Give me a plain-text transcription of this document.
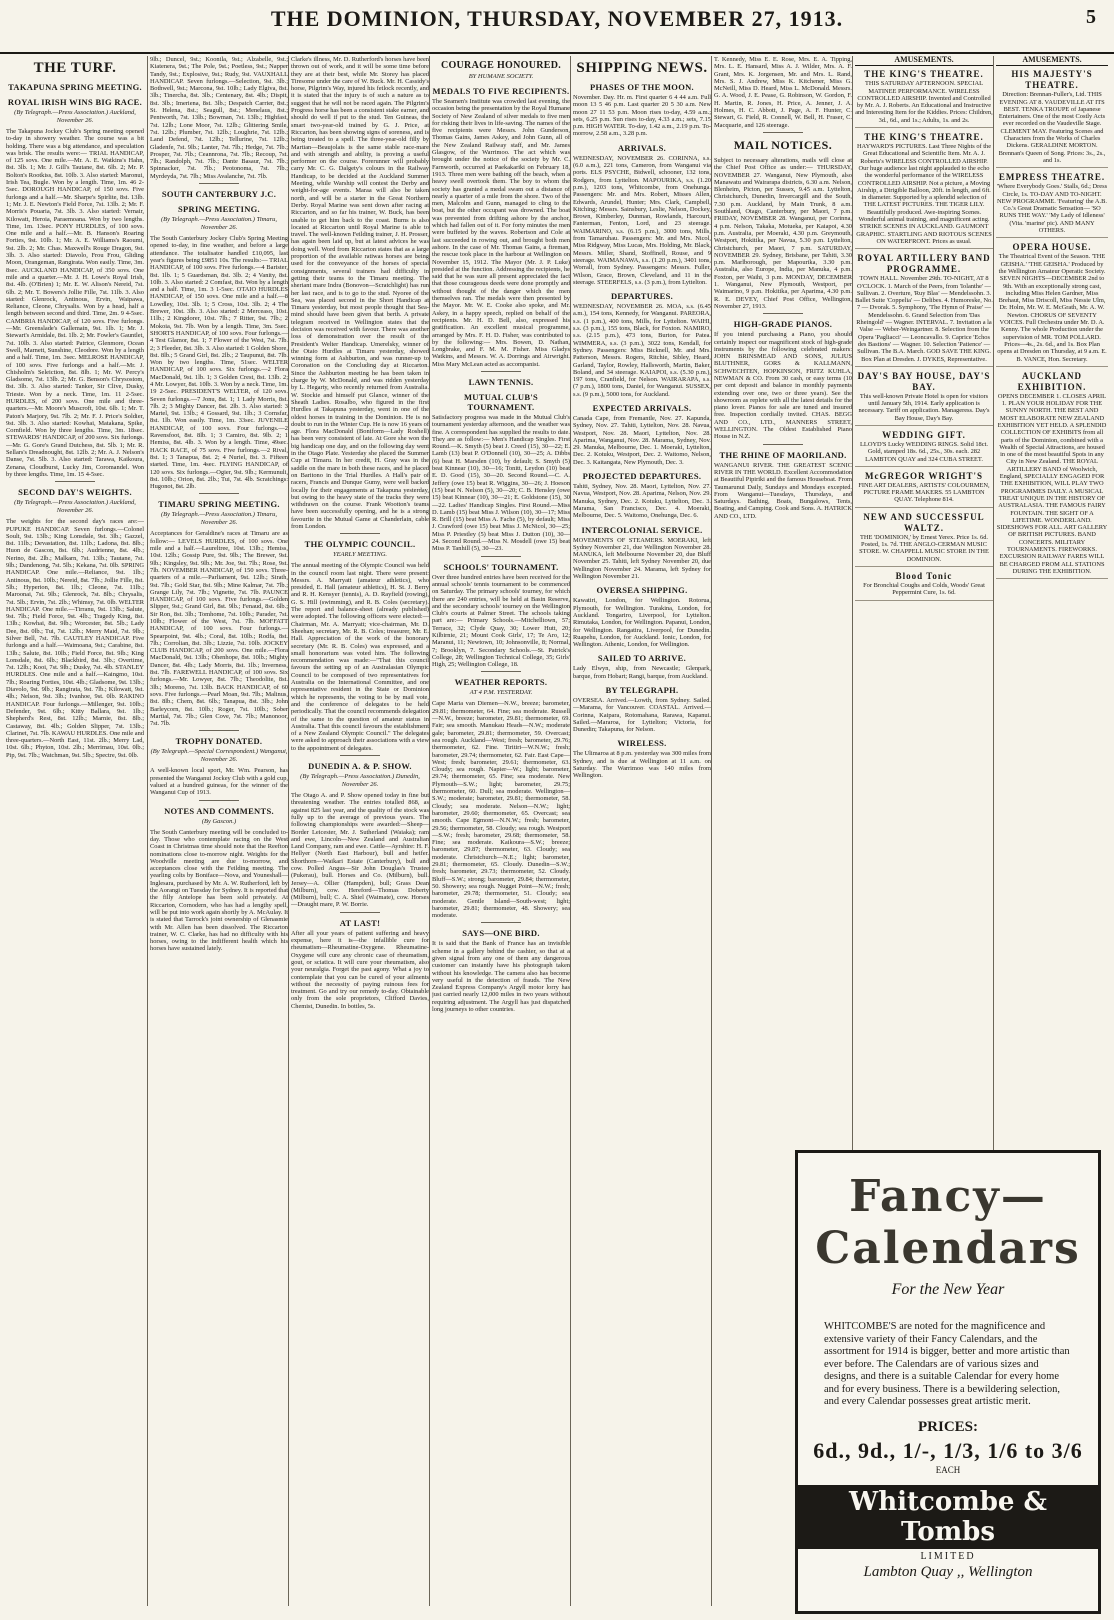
THE DOMINION, THURSDAY, NOVEMBER 27, 1913.	5
THE TURF.
TAKAPUNA SPRING MEETING.
ROYAL IRISH WINS BIG RACE.
(By Telegraph.—Press Association.) Auckland, November 26.

The Takapuna Jockey Club's Spring meeting opened to-day in showery weather. The course was a bit holding. There was a big attendance, and speculation was brisk. The results were:— TRIAL HANDICAP, of 125 sovs. One mile.—Mr. A. E. Watkins's Hahn, 8st. 3lb. 1; Mr. J. Gill's Tautane, 8st. 6lb. 2; Mr. P. Bolton's Rootkiss, 8st. 10lb. 3. Also started: Maronui, Irish Tea, Bugle. Won by a length. Time, 1m. 46 2-5sec. DOROUGH HANDICAP, of 150 sovs. Five furlongs and a half.—Mr. Sharpe's Spirlite, 8st. 13lb. 1; Mr. J. E. Newton's Field Force, 7st. 13lb. 2; Mr. F. Morris's Pouaria, 7st. 3lb. 3. Also started: Vernair, Kilowatt, Heroia, Paraemoana. Won by two lengths. Time, 1m. 13sec. PONY HURDLES, of 100 sovs. One mile and a half.—Mr. B. Hanson's Roaring Forties, 9st. 10lb. 1; Mr. A. E. Williams's Raoumi, 9st. 2lb. 2; Mr. Chas. Maxwell's Rouge Dragon, 9st. 3lb. 3. Also started: Diavolo, Frou Frou, Gliding Moon, Orangeman, Rangirata. Won easily. Time, 3m. 8sec. AUCKLAND HANDICAP, of 350 sovs. One mile and a quarter.—Mr. J. H. Lowe's Royal Irish, 8st. 4lb. (O'Brien) 1; Mr. E. W. Alison's Nereid, 7st. 6lb. 2; Mr. T. Bowers's Jollie Fille, 7st. 11lb. 3. Also started: Glenrock, Antinous, Ervin, Waipawa, Reliance, Cleone, Chrysalis. Won by a head, half a length between second and third. Time, 2m. 9 4-5sec. CAMBRIA HANDICAP, of 120 sovs. Five furlongs.—Mr. Greenslade's Gallemain, 9st. 1lb. 1; Mr. J. Stewart's Armidale, 8st. 1lb. 2; Mr. Fowler's Gauntlet, 7st. 10lb. 3. Also started: Patrice, Glenmore, Ocean Swell, Marnett, Sunshine, Cleodore. Won by a length and a half. Time, 1m. 3sec. MELROSE HANDICAP, of 100 sovs. Five furlongs and a half.—Mr. J. Chisholm's Seleiction, 8st. 8lb. 1; Mr. W. Percy's Gladsome, 7st. 13lb. 2; Mr. G. Benson's Chrysostom, 8st. 3lb. 3. Also started: Tanker, Sir Clive, Dusky, Trieste. Won by a neck. Time, 1m. 11 2-5sec. HURDLES, of 200 sovs. One mile and three-quarters.—Mr. Moore's Muscroft, 10st. 6lb. 1; Mr. T. Paton's Marjory, 9st. 7lb. 2; Mr. F. J. Price's Soldier, 9st. 3lb. 3. Also started: Kowhai, Matakana, Spike, Cornfield. Won by three lengths. Time, 3m. 18sec. STEWARDS' HANDICAP, of 200 sovs. Six furlongs.—Mr. G. Gore's Grand Dutchess, 8st. 5lb. 1; Mr. R. Sellars's Dreadnought, 8st. 12lb. 2; Mr. A. J. Nelson's Danse, 7st. 5lb. 3. Also started: Tarawa, Kaikoura, Zenana, Cloudburst, Lucky Jim, Coromandel. Won by three lengths. Time, 1m. 15 4-5sec.

SECOND DAY'S WEIGHTS.
(By Telegraph.—Press Association.) Auckland, November 26.

The weights for the second day's races are:— PUPUKE HANDICAP. Seven furlongs.—Colonel Soult, 9st. 13lb.; King Lonsdale, 9st. 3lb.; Gazzel, 8st. 11lb.; Devastation, 8st. 11lb.; Ladona, 8st. 8lb.; Huon de Gascon, 8st. 6lb.; Audrienne, 8st. 4lb.; Nerino, 8st. 2lb.; Malkarn, 7st. 13lb.; Tautane, 7st. 9lb.; Dandenong, 7st. 5lb.; Kekana, 7st. 0lb. SPRING HANDICAP. One mile.—Reliance, 9st. 1lb.; Antinous, 8st. 10lb.; Nereid, 8st. 7lb.; Jollie Fille, 8st. 5lb.; Hyperion, 8st. 1lb.; Cleone, 7st. 11lb.; Maroonai, 7st. 9lb.; Glenrock, 7st. 8lb.; Chrysalis, 7st. 5lb.; Ervin, 7st. 2lb.; Whimsy, 7st. 0lb. WELTER HANDICAP. One mile.—Tirranu, 9st. 13lb.; Salute, 9st. 7lb.; Field Force, 9st. 4lb.; Tragedy King, 8st. 13lb.; Kowhai, 8st. 9lb.; Worcester, 8st. 5lb.; Lady Dee, 8st. 0lb.; Tui, 7st. 12lb.; Merry Maid, 7st. 9lb.; Silver Bell, 7st. 7lb. CAUTLEY HANDICAP. Five furlongs and a half.—Waimoana, 9st.; Carabine, 8st. 13lb.; Salute, 8st. 10lb.; Field Force, 8st. 9lb.; King Lonsdale, 8st. 6lb.; Blackbird, 8st. 3lb.; Overtime, 7st. 12lb.; Kooi, 7st. 9lb.; Dusky, 7st. 4lb. STANLEY HURDLES. One mile and a half.—Kaingmo, 10st. 7lb.; Roaring Forties, 10st. 4lb.; Gladsome, 9st. 13lb.; Diavolo, 9st. 9lb.; Rangirata, 9st. 7lb.; Kilowatt, 9st. 4lb.; Nelson, 9st. 3lb.; Ivanhoe, 9st. 0lb. RAKINO HANDICAP. Four furlongs.—Millenger, 9st. 10lb.; Defender, 9st. 6lb.; Kitty Ballara, 9st. 1lb.; Shepherd's Rest, 8st. 12lb.; Marnie, 8st. 8lb.; Castaway, 8st. 4lb.; Golden Slipper, 7st. 13lb.; Clarinet, 7st. 7lb. KAWAU HURDLES. One mile and three-quarters.—North East, 11st. 2lb.; Merry Lad, 10st. 6lb.; Phyton, 10st. 2lb.; Merrimau, 10st. 0lb.; Pip, 9st. 7lb.; Watchman, 9st. 5lb.; Spectre, 9st. 0lb.

9lb.; Duncel, 9st.; Koonila, 9st.; Alzabelle, 9st.; Kiatenera, 9st.; The Pole, 9st.; Poetless, 9st.; Napper Tandy, 9st.; Explosive, 9st.; Rudy, 9st. VAUXHALL HANDICAP. Seven furlongs.—Selection, 9st. 3lb.; Bothwell, 9st.; Marcona, 9st. 10lb.; Lady Elgiva, 8st. 3lb.; Tinercha, 8st. 3lb.; Centenary, 8st. 4lb.; Dispit, 8st. 3lb.; Imeriena, 8st. 3lb.; Despatch Carrier, 8st.; St. Helena, 8st.; Seagull, 8st.; Menelaus, 8st.; Pentworth, 7st. 13lb.; Bowman, 7st. 13lb.; Highfast, 7st. 12lb.; Lone Moor, 7st. 12lb.; Glittering Smile, 7st. 12lb.; Plumber, 7st. 12lb.; Loughrie, 7st. 12lb.; Land Defend, 7st. 12lb.; Tellurine, 7st. 12lb.; Gladenfe, 7st. 9lb.; Lanter, 7st. 7lb.; Hedge, 7st. 7lb.; Prosper, 7st. 7lb.; Ceannrona, 7st. 7lb.; Recoup, 7st. 7lb.; Randolph, 7st. 7lb.; Dante Basaur, 7st. 7lb.; Spinnacker, 7st. 7lb.; Peotonoma, 7st. 7lb.; Myrdeyda, 7st. 7lb.; Miss Avalanche, 7st. 7lb.

SOUTH CANTERBURY J.C.
SPRING MEETING.
(By Telegraph.—Press Association.) Timaru, November 26.

The South Canterbury Jockey Club's Spring Meeting opened to-day, in fine weather, and before a large attendance. The totalisator handled £10,095, last year's figures being £9851 10s. The results:— TRIAL HANDICAP, of 100 sovs. Five furlongs.—4 Barister, 8st. 1lb. 1; 5 Guardsman, 8st. 3lb. 2; 4 Vanity, 8st. 10lb. 3. Also started: 2 Comfast, 8st. Won by a length and a half. Time, 1m. 3 1-5sec. OTAIO HURDLES HANDICAP, of 150 sovs. One mile and a half.—8 Lowdley, 10st. 3lb. 1; 5 Cross, 10st. 3lb. 2; 4 The Brewer, 10st. 3lb. 3. Also started: 2 Merceaso, 10st. 11lb.; 2 Kingdorer, 10st. 7lb.; 7 Ritter, 9st. 7lb.; 2 Mokoia, 9st. 7lb. Won by a length. Time, 3m. 5sec. SHORTS HANDICAP, of 100 sovs. Four furlongs.—4 Test Glamor, 8st. 1; 7 Flower of the West, 7st. 7lb. 2; 3 Fleeder, 8st. 3lb. 3. Also started: 1 Golden Shore, 8st. 8lb.; 5 Grand Girl, 8st. 2lb.; 2 Taupunui, 8st. 7lb. Won by two lengths. Time, 51sec. WELTER HANDICAP, of 100 sovs. Six furlongs.—2 Flora MacDonald, 9st. 1lb. 1; 3 Golden Crest, 8st. 13lb. 2; 4 Mr. Lowyer, 8st. 10lb. 3. Won by a neck. Time, 1m. 19 2-5sec. PRESIDENT'S WELTER, of 120 sovs. Seven furlongs.—7 Jonu, 8st. 1; 1 Lady Morris, 8st. 7lb. 2; 3 Mighty Dancer, 8st. 2lb. 3. Also started: 3 Martel, 9st. 13lb.; 4 Gossard, 9st. 1lb.; 3 Cornsfar, 8st. 1lb. Won easily. Time, 1m. 33sec. JUVENILE HANDICAP, of 100 sovs. Four furlongs.—2 Ravensfoot, 8st. 8lb. 1; 3 Camiro, 8st. 9lb. 2; 1 Hemiss, 8st. 4lb. 3. Won by a length. Time, 49sec. HACK RACE, of 75 sovs. Five furlongs.—2 Rival, 8st. 1; 3 Tanapua, 8st. 2; 4 Nuriel, 8st. 3. Fifteen started. Time, 1m. 4sec. FLYING HANDICAP, of 120 sovs. Six furlongs.—Ogier, 9st. 9lb.; Kermunuli, 8st. 10lb.; Orion, 8st. 2lb.; Tui, 7st. 4lb. Scratchings: Hugonot, 8st. 2lb.

TIMARU SPRING MEETING.
(By Telegraph.—Press Association.) Timaru, November 26.

Acceptances for Geraldine's races at Timaru are as follow:— LEVELS HURDLES, of 100 sovs. One mile and a half.—Laureltree, 10st. 13lb.; Hemiss, 10st. 12lb.; Gossip Pure, 9st. 9lb.; The Brewer, 9st. 9lb.; Kingsley, 9st. 9lb.; Mr. Joe, 9st. 7lb.; Rose, 9st. 7lb. NOVEMBER HANDICAP, of 150 sovs. Three-quarters of a mile.—Parliament, 9st. 12lb.; Sirath, 9st. 7lb.; Gold Star, 8st. 9lb.; Mine Kalmar, 7st. 7lb.; Grange Lily, 7st. 7lb.; Vignette, 7st. 7lb. PAUNCE HANDICAP, of 100 sovs. Five furlongs.—Golden Slipper, 9st.; Grand Girl, 8st. 9lb.; Fenaud, 8st. 6lb.; Sir Ron, 8st. 3lb.; Tomhome, 7st. 10lb.; Parader, 7st. 10lb.; Flower of the West, 7st. 7lb. MOFFATT HANDICAP, of 100 sovs. Four furlongs.—Spearpoint, 9st. 4lb.; Coral, 8st. 10lb.; Rodfa, 8st. 7lb.; Corrolian, 8st. 3lb.; Lizzie, 7st. 10lb. JOCKEY CLUB HANDICAP, of 200 sovs. One mile.—Flora MacDonald, 9st. 13lb.; Ohenhope, 8st. 10lb.; Mighty Dancer, 8st. 4lb.; Lady Morris, 8st. 1lb.; Inverness, 8st. 7lb. FAREWELL HANDICAP, of 100 sovs. Six furlongs.—Mr. Lowyer, 8st. 7lb.; Theodolite, 8st. 3lb.; Moreno, 7st. 13lb. BACK HANDICAP, of 60 sovs. Five furlongs.—Pearl Moan, 9st. 7lb.; Malinus, 8st. 8lb.; Chem, 8st. 6lb.; Tanapua, 8st. 3lb.; John Barleycorn, 8st. 10lb.; Roger, 7st. 10lb.; Sober Martial, 7st. 7lb.; Glen Cove, 7st. 7lb.; Manonoor, 7st. 7lb.

TROPHY DONATED.
(By Telegraph.—Special Correspondent.) Wanganui, November 26.

A well-known local sport, Mr. Wm. Pearson, has presented the Wanganui Jockey Club with a gold cup, valued at a hundred guineas, for the winner of the Wanganui Cup of 1913.

NOTES AND COMMENTS.
(By Gascon.)

The South Canterbury meeting will be concluded to-day. Those who contemplate racing on the West Coast in Christmas time should note that the Reefton nominations close to-morrow night. Weights for the Woodville meeting are due to-morrow, and acceptances close with the Feilding meeting. The yearling colts by Boniface—Nova, and Youneshall—Inglesara, purchased by Mr. A. W. Rutherford, left by the Aorangi on Tuesday for Sydney. It is reported that the filly Antelope has been sold privately. At Riccarton, Cornodern, who has had a lengthy spell, will be put into work again shortly by A. McAulay. It is stated that Tarrock's joint ownership of Glenasmie with Mr. Allen has been dissolved. The Riccarton trainer, W. C. Clarke, has had no difficulty with his horses, owing to the indifferent health which his horses have sustained lately.

Clarke's illness, Mr. D. Rutherford's horses have been thrown out of work, and it will be some time before they are at their best, while Mr. Storey has placed Tiresome under the care of W. Buck. Mr. H. Cassidy's horse, Pilgrim's Way, injured his fetlock recently, and it is stated that the injury is of such a nature as to suggest that he will not be raced again. The Pilgrim's Progress horse has been a consistent stake earner, and should do well if put to the stud. Ten Guineas, the smart two-year-old trained by G. J. Price, at Riccarton, has been showing signs of soreness, and is being treated to a spell. The three-year-old filly by Martian—Beaujolais is the same stable race-mare and with strength and ability, is proving a useful performer on the course. Forerunner will probably carry Mr. C. G. Dalgety's colours in the Railway Handicap, to be decided at the Auckland Summer Meeting, while Warship will contest the Derby and weight-for-age events. Maraa will also be taken north, and will be a starter in the Great Northern Derby. Royal Marine was sent down after racing at Riccarton, and so far his trainer, W. Buck, has been unable to get him back to the coast. Burns is also located at Riccarton until Royal Marine is able to travel. The well-known Feilding trainer, J. H. Prosser, has again been laid up, but at latest advices he was doing well. Word from Riccarton states that as a large proportion of the available ratiwas horses are being used for the conveyance of the horses of special consignments, several trainers had difficulty in getting their teams to the Timaru meeting. The sheriant mare Indra (Bonovon—Scratchlight) has run her last race, and is to go to the stud. Nyoree of the Sea, was placed second in the Short Handicap at Timaru yesterday, but most people thought that Sea-mind should have been given that berth. A private telegram received in Wellington states that the decision was received with favour. There was another loss of demonstration over the result of the President's Welter Handicap. Umerelsky, winner of the Otaio Hurdles at Timaru yesterday, showed winning form at Ashburton, and was runner-up to Coronation on the Concluding day at Riccarton. Since the Ashburton meeting he has been taken in charge by W. McDonald, and was ridden yesterday by L. Hegarty, who recently returned from Australia. W. Stockie and himself put Glance, winner of the Sheath Ladies. Rosalbo, who figured in the first Hurdles at Takapuna yesterday, went in one of the oldest horses in training in the Dominion. He is no doubt to run in the Winter Cup. He is now 16 years of age. Flora MacDonald (Boniform—Lady Roshell) has been very consistent of late. At Gore she won the big handicap one day, and on the following day went in the Otago Plate. Yesterday she placed the Summer Cup at Timaru. In her credit, H. Gray was in the saddle on the mare in both these races, and he placed on Baritono in the Trial Hurdles. A Hall's pair of racers, Francis and Dunque Gumy, were well backed locally for their engagements at Takapuna yesterday, but owing to the heavy state of the tracks they were withdrawn on the course. Frank Wootton's teams have been successfully opening, and he is a strong favourite in the Mutual Game at Chanderlain, cable from London.

THE OLYMPIC COUNCIL.
YEARLY MEETING.

The annual meeting of the Olympic Council was held in the council room last night. There were present: Messrs. A. Marryatt (amateur athletics), who presided, E. Hall (amateur athletics), H. St. J. Berry and R. H. Kensyer (tennis), A. D. Rayfield (rowing), G. S. Hill (swimming), and R. B. Coles (secretary). The report and balance-sheet (already published) were adopted. The following officers were elected:— Chairman, Mr. A. Marryatt; vice-chairman, Mr. D. Sheehan; secretary, Mr. R. B. Coles; treasurer, Mr. E. Hall. Appreciation of the work of the honorary secretary (Mr. R. B. Coles) was expressed, and a small honorarium was voted him. The following recommendation was made:—"That this council favours the setting up of an Australasian Olympic Council to be composed of two representatives for Australia on the International Committee, and one representative resident in the State or Dominion which he represents, the voting to be by mail vote, and the conference of delegates to be held periodically. That the council recommends delegation of the same to the question of amateur status in Australia. That this council favours the establishment of a New Zealand Olympic Council." The delegates were asked to approach their associations with a view to the appointment of delegates.

DUNEDIN A. & P. SHOW.
(By Telegraph.—Press Association.) Dunedin, November 26.

The Otago A. and P. Show opened today in fine but threatening weather. The entries totalled 868, as against 825 last year, and the quality of the stock was fully up to the average of previous years. The following championships were awarded:—Sheep—Border Leicester, Mr. J. Sutherland (Waiaka); ram and ewe, Lincoln—New Zealand and Australian Land Company, ram and ewe. Cattle—Ayrshire: H. F. Hellyer (North East Harbour), bull and heifer. Shorthorn—Waikari Estate (Canterbury), bull and cow. Polled Angus—Sir John Douglas's Trustee (Pukerau), bull. Horses and Co. (Milburn), bull. Jersey—A. Ollier (Hampden), bull; Grass Dean (Milburn), cow. Hereford—Thomas Doberty (Milburn), bull; C. A. Shiel (Waimate), cow. Horses—Draught mare, P. W. Borrie.

AT LAST!

After all your years of patient suffering and heavy expense, here it is—the infallible cure for rheumatism—Rheumatine-Oxygene. Rheumatine-Oxygene will cure any chronic case of rheumatism, gout, or sciatica. It will cure your rheumatism, also your neuralgia. Forget the past agony. What a joy to contemplate that you can be cured of your ailments without the necessity of paying ruinous fees for treatment. Go and try our remedy to-day. Obtainable only from the sole proprietors, Clifford Davies, Chemist, Dunedin. In bottles, 5s.

COURAGE HONOURED.
BY HUMANE SOCIETY.
MEDALS TO FIVE RECIPIENTS.

The Seamen's Institute was crowded last evening, the occasion being the presentation by the Royal Humane Society of New Zealand of silver medals to five men for risking their lives in life-saving. The names of the five recipients were Messrs. John Gunderson, Thomas Gains, James Askey, and John Gunn, all of the New Zealand Railway staff, and Mr. James Glasgow, of the Warrimoo. The act which was brought under the notice of the society by Mr. C. Farnworth, occurred at Paekakariki on February 18, 1913. Three men were bathing off the beach, when a heavy swell overtook them. The boy to whom the society has granted a medal swam out a distance of nearly a quarter of a mile from the shore. Two of the men, Malcolm and Gunn, managed to cling to the boat, but the other occupant was drowned. The boat was prevented from drifting ashore by the anchor, which had fallen out of it. For forty minutes the men were buffeted by the waves. Robertson and Cole at last succeeded in rowing out, and brought both men ashore. In the case of Mr. Thomas Gains, a fireman, the rescue took place in the harbour at Wellington on November 15, 1912. The Mayor (Mr. J. P. Luke) presided at the function. Addressing the recipients, he said that he was sure all present appreciated the fact that those courageous deeds were done promptly and without thought of the danger which the men themselves ran. The medals were then presented by the Mayor. Mr. W. E. Cooke also spoke, and Mr. Askey, in a happy speech, replied on behalf of the recipients. Mr. H. D. Bell, also, expressed his gratification. An excellent musical programme, arranged by Mrs. F. H. D. Fisher, was contributed to by the following:— Mrs. Bowen, D. Nathan, Longbrake, and F. M. M. Fisher. Miss Gladys Watkins, and Messrs. W. A. Dorrings and Airwright. Miss Mary McLean acted as accompanist.

LAWN TENNIS.
MUTUAL CLUB'S TOURNAMENT.

Satisfactory progress was made in the Mutual Club's tournament yesterday afternoon, and the weather was fine. A correspondent has supplied the results to date. They are as follow:— Men's Handicap Singles. First Round.—K. Smyth (5) beat J. Creed (15), 30—22; E. Lamb (13) beat P. O'Donnell (10), 30—25; A. Dibbs (6) beat H. Marsden (10), by default; S. Smyth (5) beat Kinnear (10), 30—16; Tonitt, Leydon (10) beat E. D. Good (15), 30—20. Second Round.—C. A. Jeffery (owe 15) beat R. Wiggins, 30—26; J. Hoeson (15) beat N. Nelson (5), 30—20; C. B. Hensley (owe 15) beat Kinnear (10), 30—21; E. Goldstone (15), 30—22. Ladies' Handicap Singles. First Round.—Miss D. Lamb (15) beat Miss J. Wilson (10), 30—17; Miss R. Brill (15) beat Miss A. Fache (5), by default; Miss J. Crawford (owe 15) beat Miss J. McNicol, 30—25; Miss P. Priestley (5) beat Miss J. Dutton (10), 30—24. Second Round.—Miss N. Mosdell (owe 15) beat Miss P. Tanhill (5), 30—23.

SCHOOLS' TOURNAMENT.

Over three hundred entries have been received for the annual schools' tennis tournament to be commenced on Saturday. The primary schools' tourney, for which there are 240 entries, will be held at Basin Reserve, and the secondary schools' tourney on the Wellington Club's courts at Palmer Street. The schools taking part are:— Primary Schools.—Mitchelltown, 57; Terrace, 32; Clyde Quay, 30; Lower Hutt, 20; Kilbirnie, 21; Mount Cook Girls', 17; Te Aro, 12; Maranui, 11; Newtown, 10; Johnsonville, 8; Normal, 7; Brooklyn, 7. Secondary Schools.—St. Patrick's College, 28; Wellington Technical College, 35; Girls' High, 25; Wellington College, 18.

WEATHER REPORTS.
AT 4 P.M. YESTERDAY.

Cape Maria van Diemen—N.W., breeze; barometer, 29.81; thermometer, 64. Fine; sea moderate. Russell—N.W., breeze; barometer, 29.81; thermometer, 69. Fair; sea smooth. Manukau Heads—N.W.; moderate gale; barometer, 29.81; thermometer, 59. Overcast; sea rough. Auckland—West; fresh; barometer, 29.76; thermometer, 62. Fine. Tiritiri—W.N.W.; fresh; barometer, 29.74; thermometer, 62. Fair. East Cape—West; fresh; barometer, 29.61; thermometer, 63. Cloudy; sea rough. Napier—W.; light; barometer, 29.74; thermometer, 65. Fine; sea moderate. New Plymouth—S.W.; light; barometer, 29.75; thermometer, 60. Dull; sea moderate. Wellington—S.W.; moderate; barometer, 29.81; thermometer, 58. Cloudy; sea moderate. Nelson—N.W.; light; barometer, 29.60; thermometer, 65. Overcast; sea smooth. Cape Egmont—N.N.W.; fresh; barometer, 29.56; thermometer, 58. Cloudy; sea rough. Westport—S.W.; fresh; barometer, 29.68; thermometer, 58. Fine; sea moderate. Kaikoura—S.W.; breeze; barometer, 29.87; thermometer, 63. Cloudy; sea moderate. Christchurch—N.E.; light; barometer, 29.81; thermometer, 65. Cloudy. Dunedin—S.W.; fresh; barometer, 29.73; thermometer, 52. Cloudy. Bluff—S.W.; strong; barometer, 29.84; thermometer, 50. Showery; sea rough. Nugget Point—N.W.; fresh; barometer, 29.78; thermometer, 51. Cloudy; sea moderate. Gentle Island—South-west; light; barometer, 29.81; thermometer, 48. Showery; sea moderate.

SAYS—ONE BIRD.

It is said that the Bank of France has an invisible scheme in a gallery behind the cashier, so that at a given signal from any one of them any dangerous customer can instantly have his photograph taken without his knowledge. The camera also has become very useful in the detection of frauds. The New Zealand Express Company's Argyll motor lorry has just carried nearly 12,000 miles in two years without requiring adjustment. The Argyll has just dispatched long journeys to other countries.

SHIPPING NEWS.
PHASES OF THE MOON.

November. Day. Hr. m. First quarter 6 4 44 a.m. Full moon 13 5 46 p.m. Last quarter 20 5 30 a.m. New moon 27 11 53 p.m. Moon rises to-day, 4.59 a.m.; sets, 6.25 p.m. Sun rises to-day, 4.33 a.m.; sets, 7.15 p.m. HIGH WATER. To-day, 1.42 a.m., 2.19 p.m. To-morrow, 2.58 a.m., 3.28 p.m.

ARRIVALS.

WEDNESDAY, NOVEMBER 26. CORINNA, s.s. (6.0 a.m.), 221 tons, Cameron, from Wanganui via ports. ELS PSYCHE, Bidwell, schooner, 132 tons, Rodgers, from Lyttelton. MAPOURIKA, s.s. (1.20 p.m.), 1203 tons, Whitcombe, from Onehunga. Passengers: Mr. and Mrs. Robert, Misses Allen, Edwards, Arundel, Hunter; Mrs. Clark, Campbell, Kitching; Messrs. Sainsbury, Leslie, Nelson, Dockey, Brown, Kimberley, Dunman, Rowlands, Harcourt, Fanterman, Fenton, Lord, and 23 steerage. WAIMARINO, s.s. (6.15 p.m.), 3000 tons, Mills, from Tamaruhau. Passengers: Mr. and Mrs. Nicol, Miss Ridgway, Miss Lucas, Mrs. Holding, Mr. Black, Messrs. Miller, Shand, Stoffinell, Rouse, and 9 steerage. WAIMANAWA, s.s. (1.20 p.m.), 3401 tons, Worrall, from Sydney. Passengers: Messrs. Fuller, Wilson, Grace, Brown, Cleveland, and 11 in the steerage. STEERFELS, s.s. (3 p.m.), from Lyttelton.

DEPARTURES.

WEDNESDAY, NOVEMBER 26. MOA, s.s. (6.45 a.m.), 154 tons, Kennedy, for Wanganui. PAREORA, s.s. (1 p.m.), 400 tons, Mills, for Lyttelton. WAIHI, s.s. (3 p.m.), 155 tons, Black, for Foxton. NAMIRO, s.s. (2.15 p.m.), 473 tons, Burton, for Patea. WIMMERA, s.s. (3 p.m.), 3022 tons, Kendall, for Sydney. Passengers: Miss Bicknell, Mr. and Mrs. Patterson, Messrs. Rogers, Ritchie, Sibley, Heard, Garland, Taylor, Rowley, Hallsworth, Martin, Baker, Boland, and 34 steerage. KAIAPOI, s.s. (5.30 p.m.), 197 tons, Cranfield, for Nelson. WAIRARAPA, s.s. (7 p.m.), 1800 tons, Daniel, for Wanganui. SUSSEX, s.s. (9 p.m.), 5000 tons, for Auckland.

EXPECTED ARRIVALS.

Canada Cape, from Fremantle, Nov. 27. Kapunda, Sydney, Nov. 27. Tahiti, Lyttelton, Nov. 28. Navua, Westport, Nov. 28. Maori, Lyttelton, Nov. 28. Aparima, Wanganui, Nov. 28. Marama, Sydney, Nov. 29. Manuka, Melbourne, Dec. 1. Moeraki, Lyttelton, Dec. 2. Kotuku, Westport, Dec. 2. Waitomo, Nelson, Dec. 3. Kaitangata, New Plymouth, Dec. 3.

PROJECTED DEPARTURES.

Tahiti, Sydney, Nov. 28. Maori, Lyttelton, Nov. 27. Navua, Westport, Nov. 28. Aparima, Nelson, Nov. 29. Manuka, Sydney, Dec. 2. Kotuku, Lyttelton, Dec. 3. Marama, San Francisco, Dec. 4. Moeraki, Melbourne, Dec. 5. Waitomo, Onehunga, Dec. 6.

INTERCOLONIAL SERVICE.

MOVEMENTS OF STEAMERS. MOERAKI, left Sydney November 21, due Wellington November 28. MANUKA, left Melbourne November 20, due Bluff November 25. Tahiti, left Sydney November 20, due Wellington November 24. Marama, left Sydney for Wellington November 21.

OVERSEA SHIPPING.

Kawatiri, London, for Wellington. Rotorua, Plymouth, for Wellington. Turakina, London, for Auckland. Tongariro, Liverpool, for Lyttelton. Rimutaka, London, for Wellington. Papanui, London, for Wellington. Rangatira, Liverpool, for Dunedin. Ruapehu, London, for Auckland. Ionic, London, for Wellington. Athenic, London, for Wellington.

SAILED TO ARRIVE.

Lady Elwyn, ship, from Newcastle; Glenpark, barque, from Hobart; Rangi, barque, from Auckland.

BY TELEGRAPH.

OVERSEA. Arrived.—Lowth, from Sydney. Sailed.—Marama, for Vancouver. COASTAL. Arrived.—Corinna, Kaipara, Rotomahana, Rarawa, Kapanui. Sailed.—Mararoa, for Lyttelton; Victoria, for Dunedin; Takapuna, for Nelson.

WIRELESS.

The Ulimaroa at 8 p.m. yesterday was 300 miles from Sydney, and is due at Wellington at 11 a.m. on Saturday. The Warrimoo was 140 miles from Wellington.

T. Kennedy, Miss E. E. Rose, Mrs. E. A. Tipping, Mrs. L. E. Hansard, Miss A. J. Wilder, Mrs. A. F. Grant, Mrs. K. Jorgensen, Mr. and Mrs. L. Rand, Mrs. S. J. Andrew, Miss K. Kitchener, Miss G. McNeill, Miss D. Heard, Miss L. McDonald. Messrs. G. A. Wood, J. E. Pease, G. Robinson, W. Gordon, F. H. Martin, R. Jones, H. Price, A. Jenner, J. A. Holmes, H. C. Abbott, J. Page, A. F. Hunter, C. Stewart, G. Field, R. Connell, W. Bell, H. Fraser, C. Macquarie, and 126 steerage.

MAIL NOTICES.

Subject to necessary alterations, mails will close at the Chief Post Office as under:— THURSDAY, NOVEMBER 27. Wanganui, New Plymouth, also Manawatu and Wairarapa districts, 6.30 a.m. Nelson, Blenheim, Picton, per Sussex, 9.45 a.m. Lyttelton, Christchurch, Dunedin, Invercargill and the South, 7.30 p.m. Auckland, by Main Trunk, 8 a.m. Southland, Otago, Canterbury, per Maori, 7 p.m. FRIDAY, NOVEMBER 28. Wanganui, per Corinna, 4 p.m. Nelson, Takaka, Motueka, per Kaiapoi, 4.30 p.m. Australia, per Moeraki, 4.30 p.m. Greymouth, Westport, Hokitika, per Navua, 5.30 p.m. Lyttelton, Christchurch, per Maori, 7 p.m. SATURDAY, NOVEMBER 29. Sydney, Brisbane, per Tahiti, 3.30 p.m. Marlborough, per Mapourika, 3.30 p.m. Australia, also Europe, India, per Manuka, 4 p.m. Foxton, per Waihi, 3 p.m. MONDAY, DECEMBER 1. Wanganui, New Plymouth, Westport, per Waimarino, 9 p.m. Hokitika, per Aparima, 4.30 p.m. R. E. DEVEY, Chief Post Office, Wellington, November 27, 1913.

HIGH-GRADE PIANOS.

If you intend purchasing a Piano, you should certainly inspect our magnificent stock of high-grade instruments by the following celebrated makers: JOHN BRINSMEAD AND SONS, JULIUS BLUTHNER, GORS & KALLMANN, SCHWECHTEN, HOPKINSON, FRITZ KUHLA, NEWMAN & CO. From 30 cash, or easy terms (10 per cent deposit and balance in monthly payments extending over one, two or three years). See the showroom as replete with all the latest details for the piano lover. Pianos for sale are tuned and insured free. Inspection cordially invited. CHAS. BEGG AND CO., LTD., MANNERS STREET, WELLINGTON. The Oldest Established Piano House in N.Z.

THE RHINE OF MAORILAND.

WANGANUI RIVER. THE GREATEST SCENIC RIVER IN THE WORLD. Excellent Accommodation at Beautiful Pipiriki and the famous Houseboat. From Taumarunui Daily, Sundays and Mondays excepted. From Wanganui—Tuesdays, Thursdays, and Saturdays. Bathing, Boats, Bungalows, Tents, Boating, and Camping. Cook and Sons. A. HATRICK AND CO., LTD.

AMUSEMENTS.
THE KING'S THEATRE.
THIS SATURDAY AFTERNOON. SPECIAL MATINEE PERFORMANCE. WIRELESS CONTROLLED AIRSHIP. Invented and Controlled by Mr. A. J. Roberts. An Educational and Instructive and Interesting Item for the Kiddies. Prices: Children, 3d., 6d., and 1s.; Adults, 1s. and 2s.
THE KING'S THEATRE.
HAYWARD'S PICTURES. Last Three Nights of the Great Educational and Scientific Item. Mr. A. J. Roberts's WIRELESS CONTROLLED AIRSHIP. Our huge audience last night applauded to the echo the wonderful performance of the WIRELESS CONTROLLED AIRSHIP. Not a picture, a Moving Airship, a Dirigible Balloon, 20ft. in length, and 6ft. in diameter. Supported by a splendid selection of THE LATEST PICTURES. THE TIGER LILY. Beautifully produced. Awe-inspiring Scenes. Wonderful animal training, and magnificent acting. STRIKE SCENES IN AUCKLAND. GAUMONT GRAPHIC. STARTLING AND RIOTOUS SCENES ON WATERFRONT. Prices as usual.
ROYAL ARTILLERY BAND PROGRAMME.
TOWN HALL. November 29th. TO-NIGHT, AT 8 O'CLOCK. 1. March of the Peers, from 'Iolanthe' — Sullivan. 2. Overture, 'Ruy Blas' — Mendelssohn. 3. Ballet Suite 'Coppelia' — Delibes. 4. Humoreske, No. 7 — Dvorak. 5. Symphony, 'The Hymn of Praise' — Mendelssohn. 6. Grand Selection from 'Das Rheingold' — Wagner. INTERVAL. 7. Invitation a la Valse — Weber-Weingartner. 8. Selection from the Opera 'Pagliacci' — Leoncavallo. 9. Caprice 'Echos des Bastions' — Wagner. 10. Selection 'Patience' — Sullivan. The B.A. March. GOD SAVE THE KING. Box Plan at Dresden. J. DYKES, Representative.
DAY'S BAY HOUSE, DAY'S BAY.
This well-known Private Hotel is open for visitors until January 5th, 1914. Early application is necessary. Tariff on application. Manageress. Day's Bay House, Day's Bay.
WEDDING GIFT.
LLOYD'S Lucky WEDDING RINGS. Solid 18ct. Gold, stamped 18s. 6d., 25s., 30s. each. 282 LAMBTON QUAY and 324 CUBA STREET.
McGREGOR WRIGHT'S
FINE ART DEALERS, ARTISTS' COLOURMEN, PICTURE FRAME MAKERS. 55 LAMBTON QUAY. Telephone 814.
NEW AND SUCCESSFUL WALTZ.
THE 'DOMINION,' by Ernest Yerex. Price 1s. 6d. Posted, 1s. 7d. THE ANGLO-CERMAN MUSIC STORE. W. CHAPPELL MUSIC STORE IN THE DOMINION.
Blood Tonic
For Bronchial Coughs and Colds, Woods' Great Peppermint Cure, 1s. 6d.
AMUSEMENTS.
HIS MAJESTY'S THEATRE.
Direction: Brennan-Fuller's, Ltd. THIS EVENING AT 8. VAUDEVILLE AT ITS BEST. TENKA TROUPE of Japanese Entertainers. One of the most Costly Acts ever recorded on the Vaudeville Stage. CLEMENT MAY. Featuring Scenes and Characters from the Works of Charles Dickens. GERALDINE MORTON. Brennan's Queen of Song. Prices: 3s., 2s., and 1s.
EMPRESS THEATRE.
'Where Everybody Goes.' Stalls, 6d.; Dress Circle, 1s. TO-DAY AND TO-NIGHT. NEW PROGRAMME. 'Featuring' the A.B. Co.'s Great Dramatic Sensation— 'SO RUNS THE WAY.' 'My Lady of Idleness' (Vita. 'marine' pic). AND MANY OTHERS.
OPERA HOUSE.
The Theatrical Event of the Season. 'THE GEISHA.' 'THE GEISHA.' Produced by the Wellington Amateur Operatic Society. SEVEN NIGHTS—DECEMBER 2nd to 9th. With an exceptionally strong cast, including Miss Helen Gardner, Miss Brehaut, Miss Driscoll, Miss Nessie Ulm, Dr. Holm, Mr. W. E. McGrath, Mr. A. W. Newton. CHORUS OF SEVENTY VOICES. Full Orchestra under Mr. D. A. Kenny. The whole Production under the supervision of MR. TOM POLLARD. Prices—4s., 2s. 6d., and 1s. Box Plan opens at Dresden on Thursday, at 9 a.m. E. B. VANCE, Hon. Secretary.
AUCKLAND EXHIBITION.
OPENS DECEMBER 1. CLOSES APRIL 1. PLAN YOUR HOLIDAY FOR THE SUNNY NORTH. THE BEST AND MOST ELABORATE NEW ZEALAND EXHIBITION YET HELD. A SPLENDID COLLECTION OF EXHIBITS from all parts of the Dominion, combined with a Wealth of Special Attractions, are housed in one of the most beautiful Spots in any City in New Zealand. THE ROYAL ARTILLERY BAND of Woolwich, England, SPECIALLY ENGAGED FOR THE EXHIBITION, WILL PLAY TWO PROGRAMMES DAILY. A MUSICAL TREAT UNIQUE IN THE HISTORY OF AUSTRALASIA. THE FAMOUS FAIRY FOUNTAIN. THE SIGHT OF A LIFETIME. WONDERLAND. SIDESHOWS FOR ALL. ART GALLERY OF BRITISH PICTURES. BAND CONCERTS. MILITARY TOURNAMENTS. FIREWORKS. EXCURSION RAILWAY FARES WILL BE CHARGED FROM ALL STATIONS DURING THE EXHIBITION.
Fancy—
Calendars
For the New Year
WHITCOMBE'S are noted for the magnificence and extensive variety of their Fancy Calendars, and the assortment for 1914 is bigger, better and more artistic than ever before. The Calendars are of various sizes and designs, and there is a suitable Calendar for every home and for every business. There is a bewildering selection, and every Calendar possesses great artistic merit.
PRICES:
6d., 9d., 1/-, 1/3, 1/6 to 3/6
EACH
Whitcombe & Tombs
LIMITED
Lambton Quay ,, Wellington
